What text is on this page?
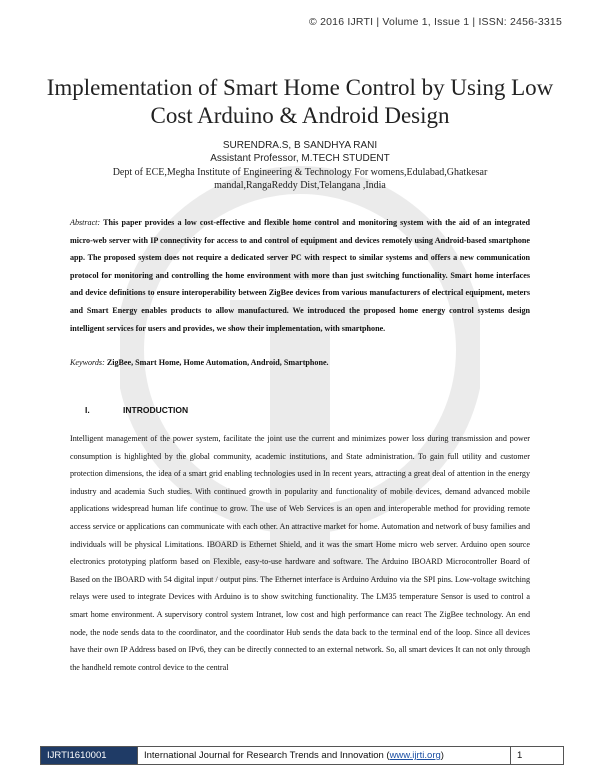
© 2016 IJRTI | Volume 1, Issue 1 | ISSN: 2456-3315
Implementation of Smart Home Control by Using Low Cost Arduino & Android Design
SURENDRA.S, B SANDHYA RANI
Assistant Professor, M.TECH STUDENT
Dept of ECE,Megha Institute of Engineering & Technology For womens,Edulabad,Ghatkesar mandal,RangaReddy Dist,Telangana ,India
Abstract: This paper provides a low cost-effective and flexible home control and monitoring system with the aid of an integrated micro-web server with IP connectivity for access to and control of equipment and devices remotely using Android-based smartphone app. The proposed system does not require a dedicated server PC with respect to similar systems and offers a new communication protocol for monitoring and controlling the home environment with more than just switching functionality. Smart home interfaces and device definitions to ensure interoperability between ZigBee devices from various manufacturers of electrical equipment, meters and Smart Energy enables products to allow manufactured. We introduced the proposed home energy control systems design intelligent services for users and provides, we show their implementation, with smartphone.
Keywords: ZigBee, Smart Home, Home Automation, Android, Smartphone.
I.	INTRODUCTION
Intelligent management of the power system, facilitate the joint use the current and minimizes power loss during transmission and power consumption is highlighted by the global community, academic institutions, and State administration. To gain full utility and customer protection dimensions, the idea of a smart grid enabling technologies used in In recent years, attracting a great deal of attention in the energy industry and academia Such studies. With continued growth in popularity and functionality of mobile devices, demand advanced mobile applications widespread human life continue to grow. The use of Web Services is an open and interoperable method for providing remote access service or applications can communicate with each other. An attractive market for home. Automation and network of busy families and individuals will be physical Limitations. IBOARD is Ethernet Shield, and it was the smart Home micro web server. Arduino open source electronics prototyping platform based on Flexible, easy-to-use hardware and software. The Arduino IBOARD Microcontroller Board of Based on the IBOARD with 54 digital input / output pins. The Ethernet interface is Arduino Arduino via the SPI pins. Low-voltage switching relays were used to integrate Devices with Arduino is to show switching functionality. The LM35 temperature Sensor is used to control a smart home environment. A supervisory control system Intranet, low cost and high performance can react The ZigBee technology. An end node, the node sends data to the coordinator, and the coordinator Hub sends the data back to the terminal end of the loop. Since all devices have their own IP Address based on IPv6, they can be directly connected to an external network. So, all smart devices It can not only through the handheld remote control device to the central
IJRTI1610001	International Journal for Research Trends and Innovation ( www.ijrti.org )	1
